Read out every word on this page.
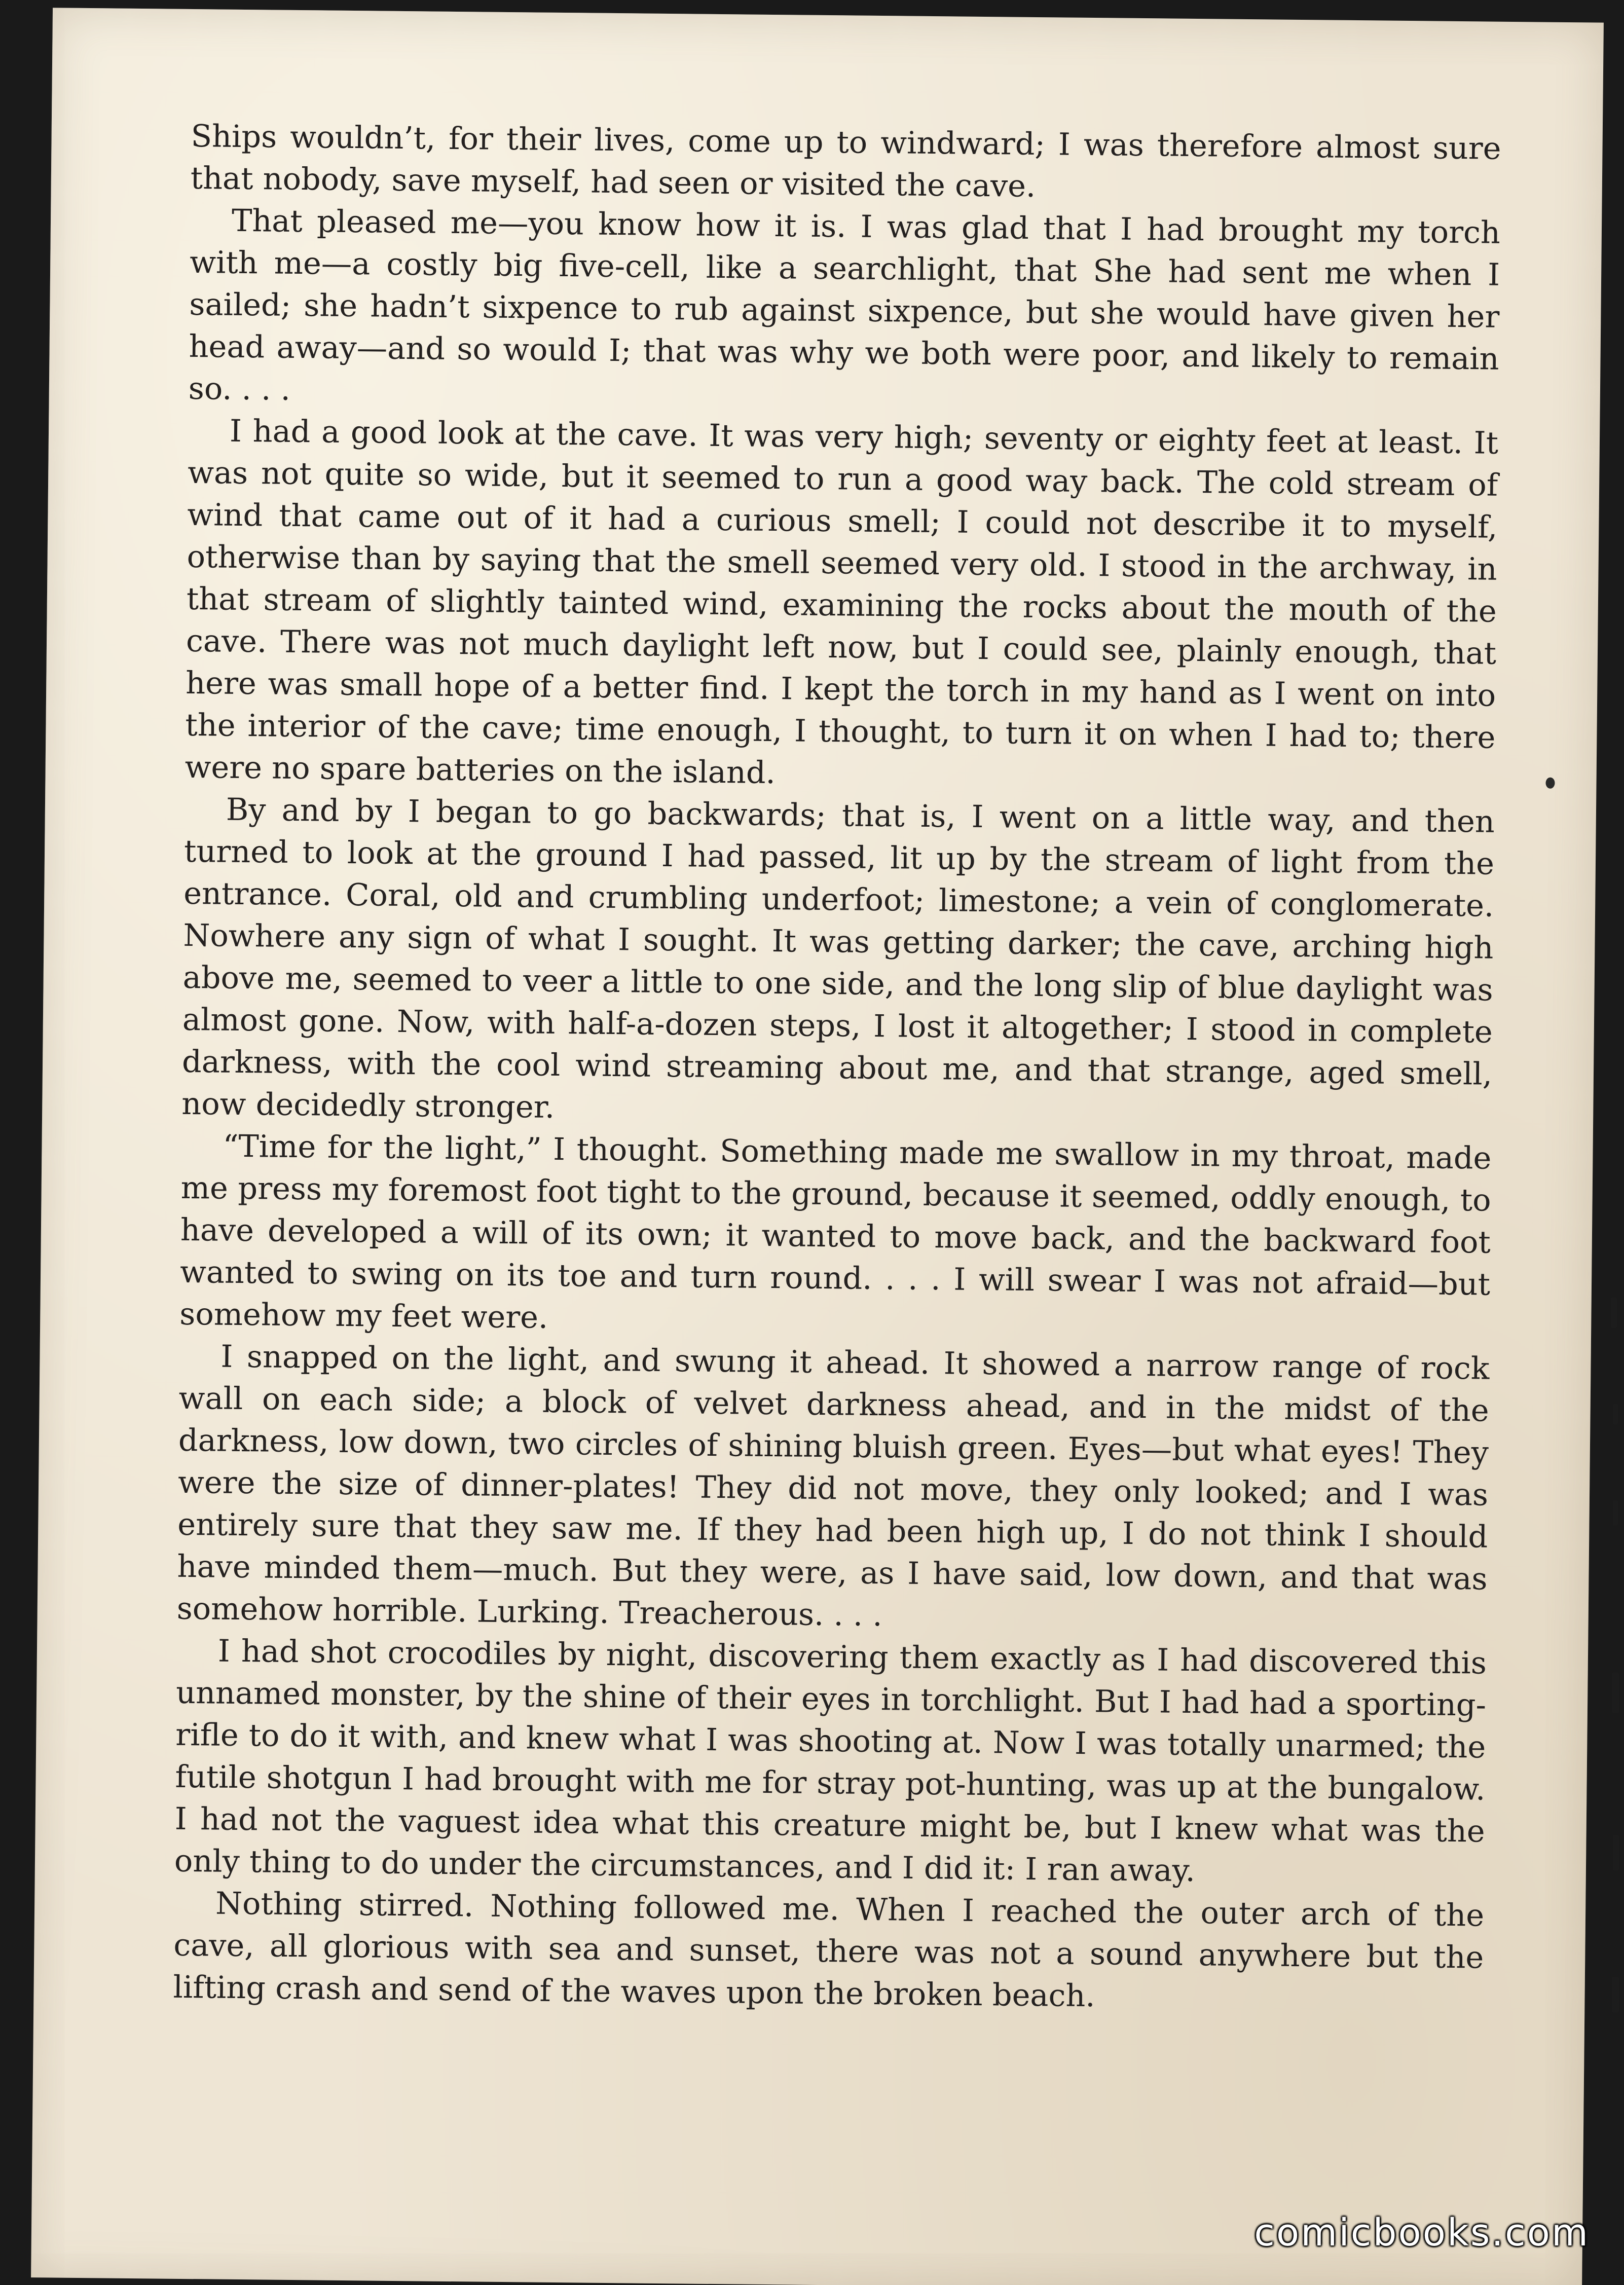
Ships wouldn’t, for their lives, come up to windward; I was therefore almost sure that nobody, save myself, had seen or visited the cave.

That pleased me—you know how it is. I was glad that I had brought my torch with me—a costly big five-cell, like a searchlight, that She had sent me when I sailed; she hadn’t sixpence to rub against sixpence, but she would have given her head away—and so would I; that was why we both were poor, and likely to remain so. . . .

I had a good look at the cave. It was very high; seventy or eighty feet at least. It was not quite so wide, but it seemed to run a good way back. The cold stream of wind that came out of it had a curious smell; I could not describe it to myself, otherwise than by saying that the smell seemed very old. I stood in the archway, in that stream of slightly tainted wind, examining the rocks about the mouth of the cave. There was not much daylight left now, but I could see, plainly enough, that here was small hope of a better find. I kept the torch in my hand as I went on into the interior of the cave; time enough, I thought, to turn it on when I had to; there were no spare batteries on the island.

By and by I began to go backwards; that is, I went on a little way, and then turned to look at the ground I had passed, lit up by the stream of light from the entrance. Coral, old and crumbling underfoot; limestone; a vein of conglomerate. Nowhere any sign of what I sought. It was getting darker; the cave, arching high above me, seemed to veer a little to one side, and the long slip of blue daylight was almost gone. Now, with half-a-dozen steps, I lost it altogether; I stood in complete darkness, with the cool wind streaming about me, and that strange, aged smell, now decidedly stronger.

“Time for the light,” I thought. Something made me swallow in my throat, made me press my foremost foot tight to the ground, because it seemed, oddly enough, to have developed a will of its own; it wanted to move back, and the backward foot wanted to swing on its toe and turn round. . . . I will swear I was not afraid—but somehow my feet were.

I snapped on the light, and swung it ahead. It showed a narrow range of rock wall on each side; a block of velvet darkness ahead, and in the midst of the darkness, low down, two circles of shining bluish green. Eyes—but what eyes! They were the size of dinner-plates! They did not move, they only looked; and I was entirely sure that they saw me. If they had been high up, I do not think I should have minded them—much. But they were, as I have said, low down, and that was somehow horrible. Lurking. Treacherous. . . .

I had shot crocodiles by night, discovering them exactly as I had discovered this unnamed monster, by the shine of their eyes in torchlight. But I had had a sporting-rifle to do it with, and knew what I was shooting at. Now I was totally unarmed; the futile shotgun I had brought with me for stray pot-hunting, was up at the bungalow. I had not the vaguest idea what this creature might be, but I knew what was the only thing to do under the circumstances, and I did it: I ran away.

Nothing stirred. Nothing followed me. When I reached the outer arch of the cave, all glorious with sea and sunset, there was not a sound anywhere but the lifting crash and send of the waves upon the broken beach.

comicbooks.com
